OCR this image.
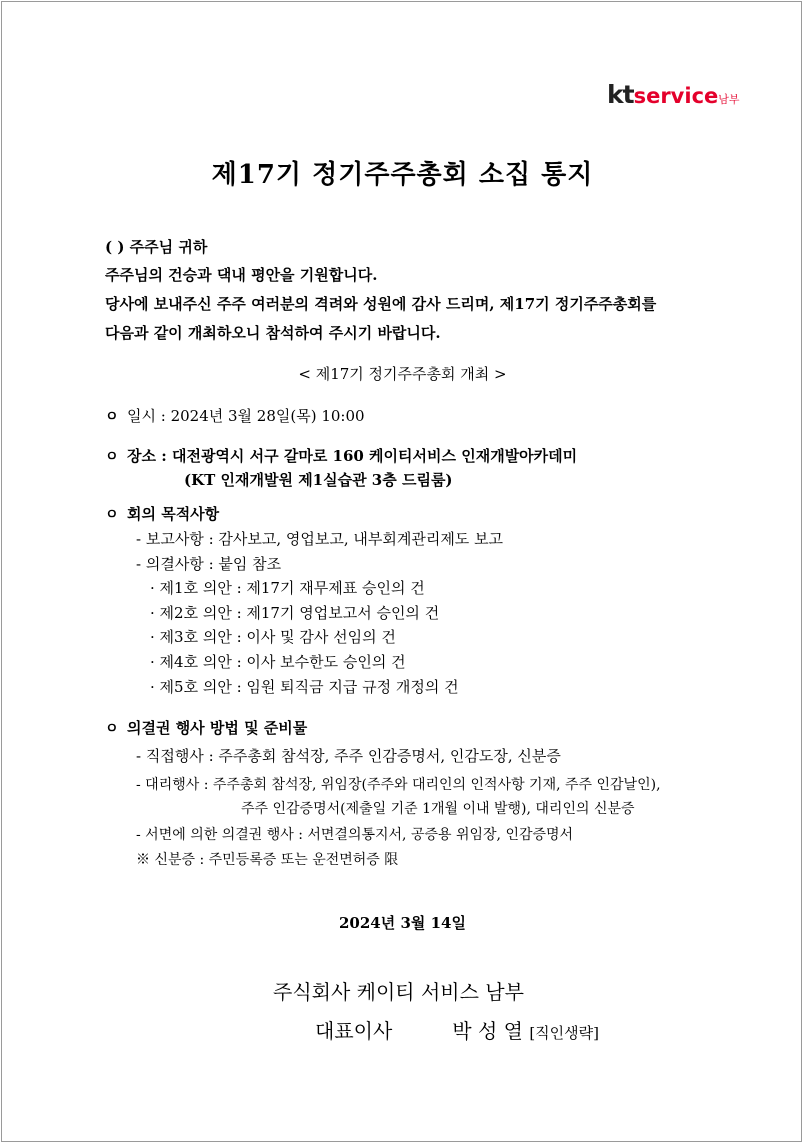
ktservice남부
제17기 정기주주총회 소집 통지
( ) 주주님 귀하
주주님의 건승과 댁내 평안을 기원합니다.
당사에 보내주신 주주 여러분의 격려와 성원에 감사 드리며, 제17기 정기주주총회를
다음과 같이 개최하오니 참석하여 주시기 바랍니다.
< 제17기 정기주주총회 개최 >
ㅇ 일시 : 2024년 3월 28일(목) 10:00
ㅇ 장소 : 대전광역시 서구 갈마로 160 케이티서비스 인재개발아카데미
(KT 인재개발원 제1실습관 3층 드림룸)
ㅇ 회의 목적사항
- 보고사항 : 감사보고, 영업보고, 내부회계관리제도 보고
- 의결사항 : 붙임 참조
· 제1호 의안 : 제17기 재무제표 승인의 건
· 제2호 의안 : 제17기 영업보고서 승인의 건
· 제3호 의안 : 이사 및 감사 선임의 건
· 제4호 의안 : 이사 보수한도 승인의 건
· 제5호 의안 : 임원 퇴직금 지급 규정 개정의 건
ㅇ 의결권 행사 방법 및 준비물
- 직접행사 : 주주총회 참석장, 주주 인감증명서, 인감도장, 신분증
- 대리행사 : 주주총회 참석장, 위임장(주주와 대리인의 인적사항 기재, 주주 인감날인),
주주 인감증명서(제출일 기준 1개월 이내 발행), 대리인의 신분증
- 서면에 의한 의결권 행사 : 서면결의통지서, 공증용 위임장, 인감증명서
※ 신분증 : 주민등록증 또는 운전면허증 限
2024년 3월 14일
주식회사 케이티 서비스 남부
대표이사	박 성 열 [직인생략]
